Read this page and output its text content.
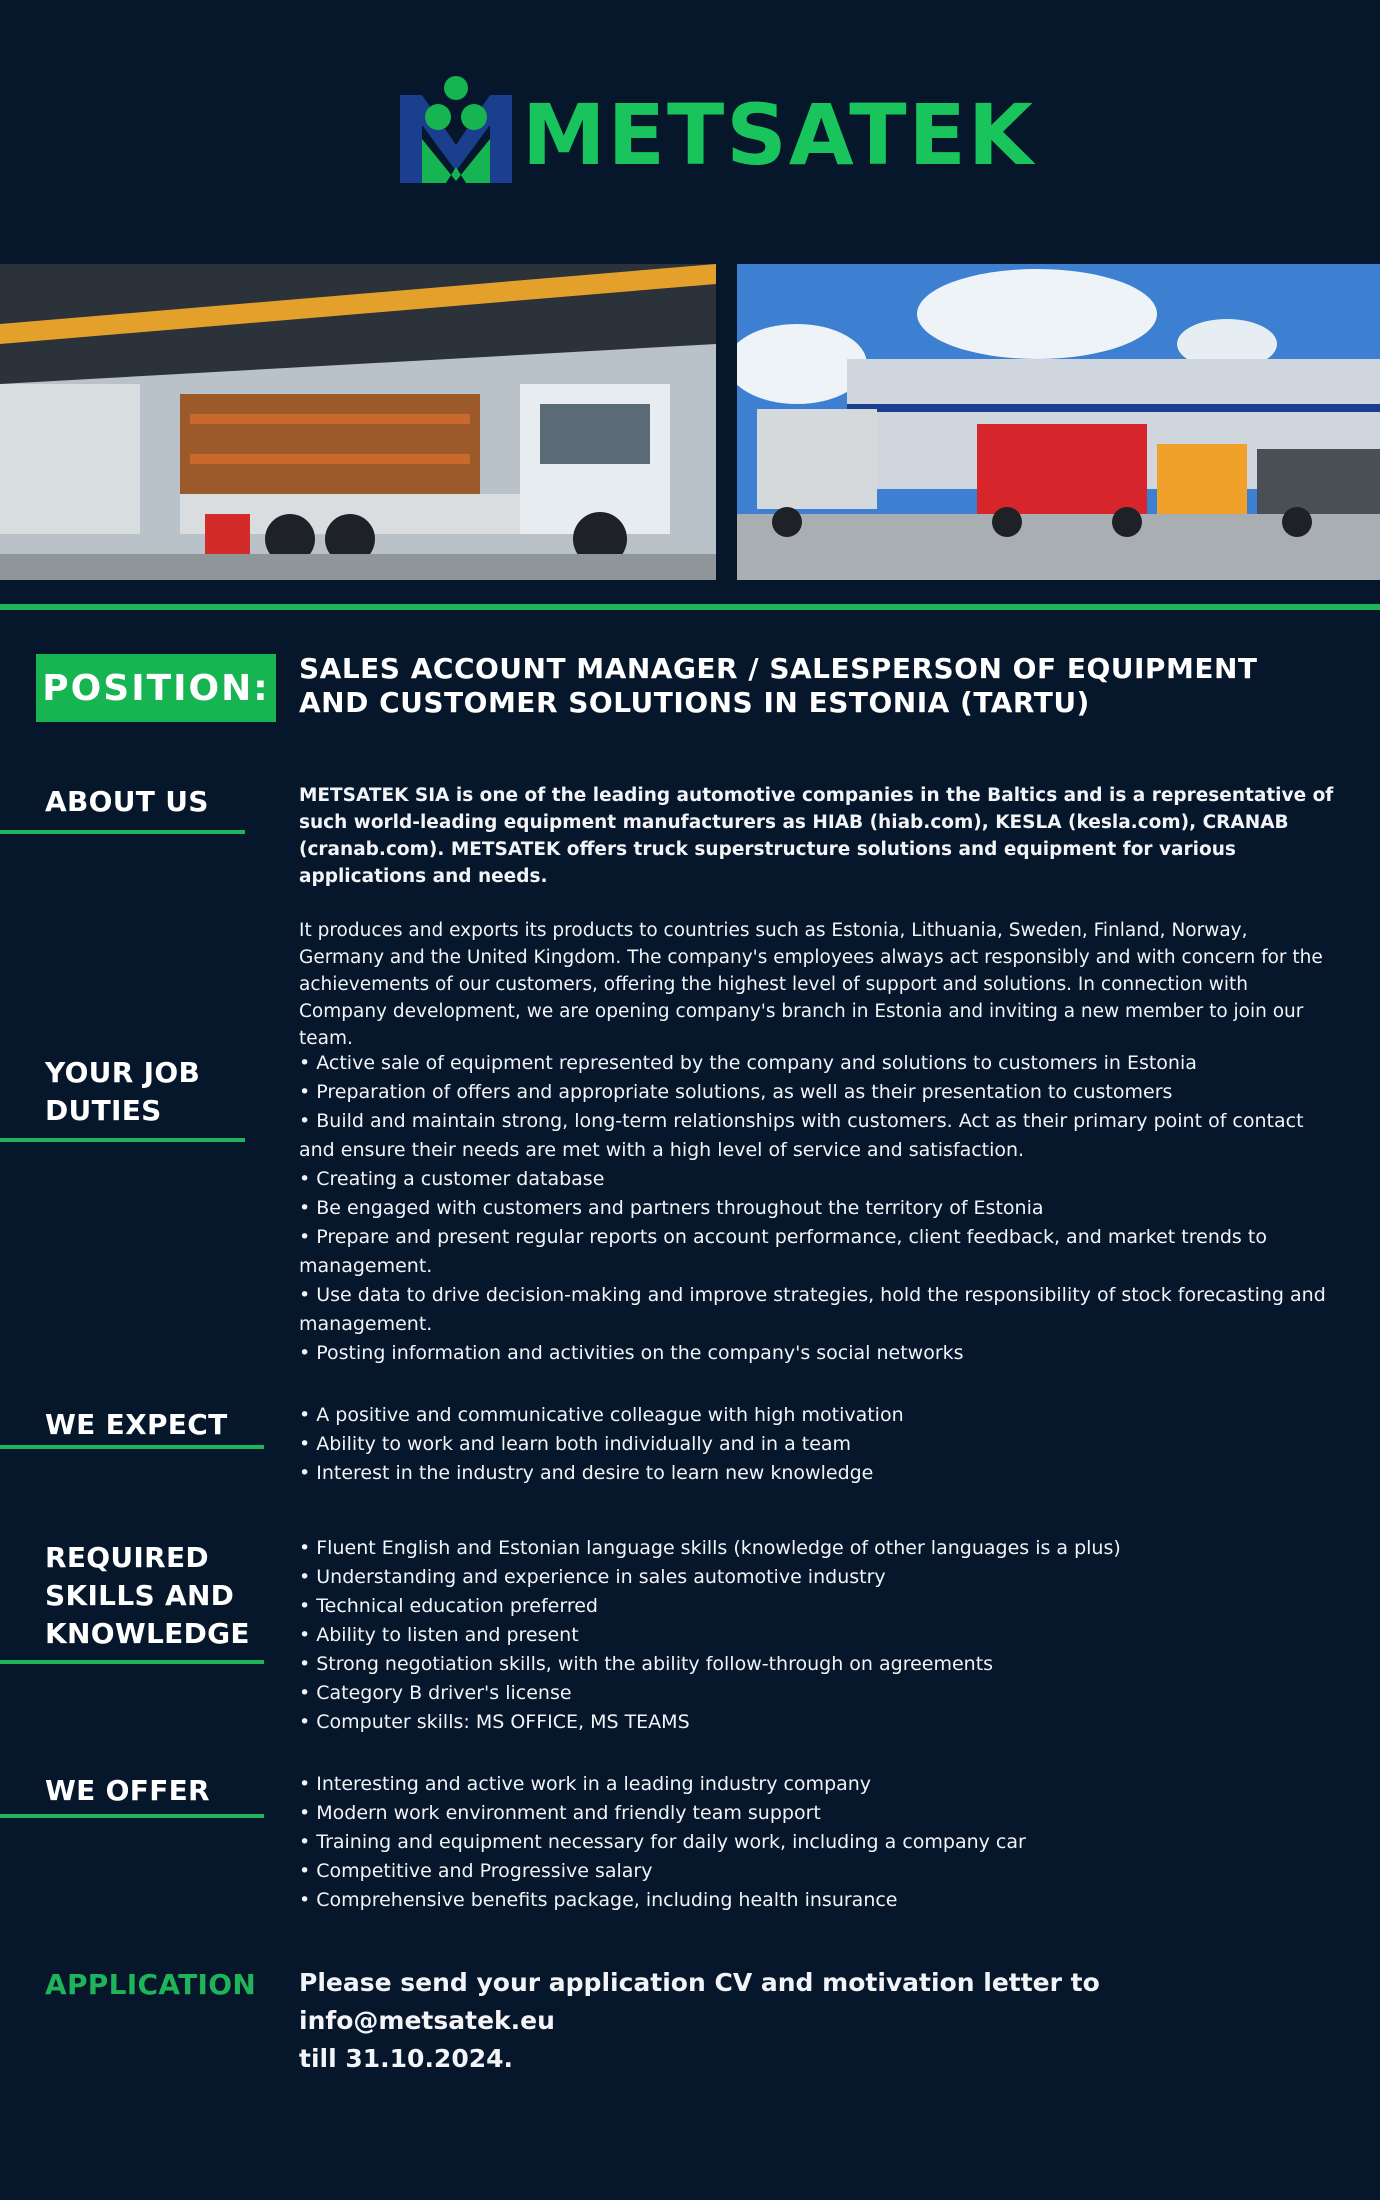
METSATEK
POSITION: SALES ACCOUNT MANAGER / SALESPERSON OF EQUIPMENT
AND CUSTOMER SOLUTIONS IN ESTONIA (TARTU)
ABOUT US	METSATEK SIA is one of the leading automotive companies in the Baltics and is a representative of such world-leading equipment manufacturers as HIAB (hiab.com), KESLA (kesla.com), CRANAB (cranab.com). METSATEK offers truck superstructure solutions and equipment for various applications and needs.
It produces and exports its products to countries such as Estonia, Lithuania, Sweden, Finland, Norway, Germany and the United Kingdom. The company's employees always act responsibly and with concern for the achievements of our customers, offering the highest level of support and solutions. In connection with Company development, we are opening company's branch in Estonia and inviting a new member to join our team.
YOUR JOB
DUTIES
• Active sale of equipment represented by the company and solutions to customers in Estonia
• Preparation of offers and appropriate solutions, as well as their presentation to customers
• Build and maintain strong, long-term relationships with customers. Act as their primary point of contact and ensure their needs are met with a high level of service and satisfaction.
• Creating a customer database
• Be engaged with customers and partners throughout the territory of Estonia
• Prepare and present regular reports on account performance, client feedback, and market trends to management.
• Use data to drive decision-making and improve strategies, hold the responsibility of stock forecasting and management.
• Posting information and activities on the company's social networks
WE EXPECT	• A positive and communicative colleague with high motivation
• Ability to work and learn both individually and in a team
• Interest in the industry and desire to learn new knowledge
REQUIRED
SKILLS AND
KNOWLEDGE
• Fluent English and Estonian language skills (knowledge of other languages is a plus)
• Understanding and experience in sales automotive industry
• Technical education preferred
• Ability to listen and present
• Strong negotiation skills, with the ability follow-through on agreements
• Category B driver's license
• Computer skills: MS OFFICE, MS TEAMS
WE OFFER	• Interesting and active work in a leading industry company
• Modern work environment and friendly team support
• Training and equipment necessary for daily work, including a company car
• Competitive and Progressive salary
• Comprehensive benefits package, including health insurance
APPLICATION Please send your application CV and motivation letter to info@metsatek.eu
till 31.10.2024.
